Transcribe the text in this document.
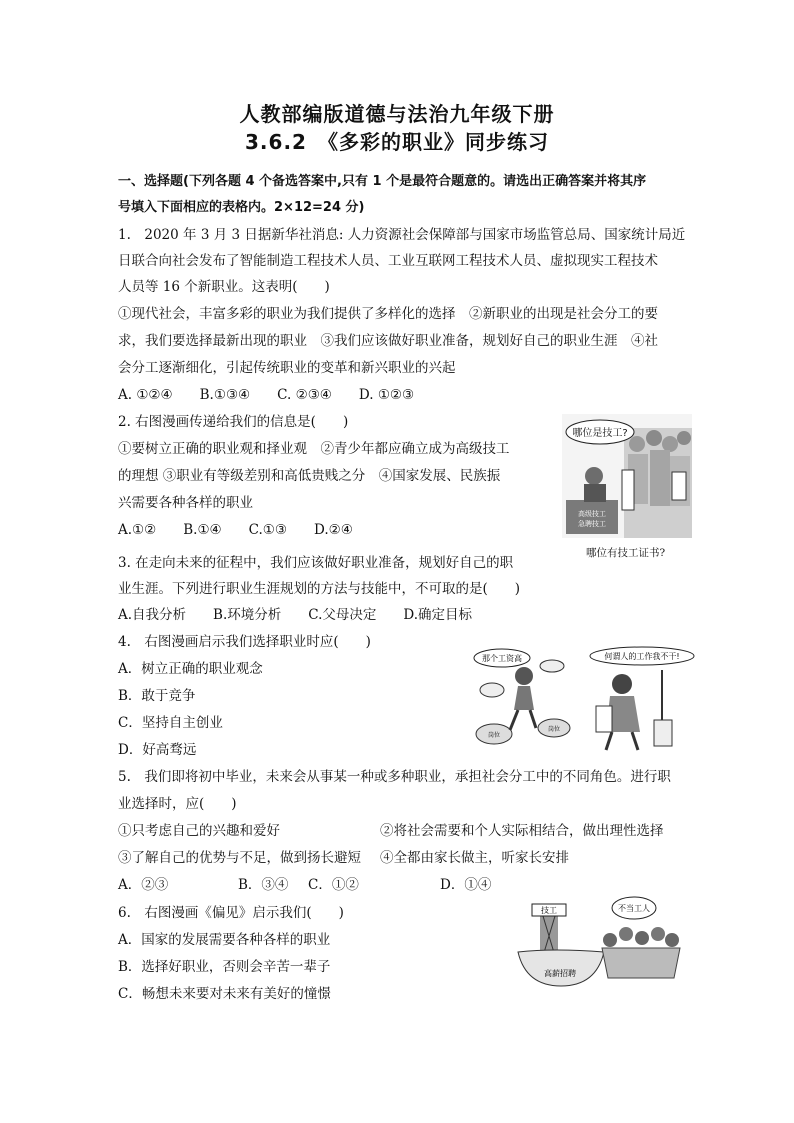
人教部编版道德与法治九年级下册
3.6.2　《多彩的职业》同步练习
一、选择题(下列各题 4 个备选答案中,只有 1 个是最符合题意的。请选出正确答案并将其序
号填入下面相应的表格内。2×12=24 分)
1.　2020 年 3 月 3 日据新华社消息: 人力资源社会保障部与国家市场监管总局、国家统计局近
日联合向社会发布了智能制造工程技术人员、工业互联网工程技术人员、虚拟现实工程技术
人员等 16 个新职业。这表明(　　)
①现代社会，丰富多彩的职业为我们提供了多样化的选择　②新职业的出现是社会分工的要
求，我们要选择最新出现的职业　③我们应该做好职业准备，规划好自己的职业生涯　④社
会分工逐渐细化，引起传统职业的变革和新兴职业的兴起
A. ①②④　　B.①③④　　C. ②③④　　D. ①②③
2. 右图漫画传递给我们的信息是(　　)
①要树立正确的职业观和择业观　②青少年都应确立成为高级技工
的理想 ③职业有等级差别和高低贵贱之分　④国家发展、民族振
兴需要各种各样的职业
A.①②　　B.①④　　C.①③　　D.②④
哪位是技工?
高级技工
急聘技工
哪位有技工证书?
3. 在走向未来的征程中，我们应该做好职业准备，规划好自己的职
业生涯。下列进行职业生涯规划的方法与技能中，不可取的是(　　)
A.自我分析　　B.环境分析　　C.父母决定　　D.确定目标
4.　右图漫画启示我们选择职业时应(　　)
A．树立正确的职业观念
B．敢于竞争
C．坚持自主创业
D．好高骛远
那个工资高
岗位
岗位
何谓人的工作我不干!
5.　我们即将初中毕业，未来会从事某一种或多种职业，承担社会分工中的不同角色。进行职
业选择时，应(　　)
①只考虑自己的兴趣和爱好	②将社会需要和个人实际相结合，做出理性选择
③了解自己的优势与不足，做到扬长避短 ④全都由家长做主，听家长安排
A．②③	B．③④ C．①②	D．①④
6.　右图漫画《偏见》启示我们(　　)
A．国家的发展需要各种各样的职业
B．选择好职业，否则会辛苦一辈子
C．畅想未来要对未来有美好的憧憬
技工
高薪招聘
不当工人
